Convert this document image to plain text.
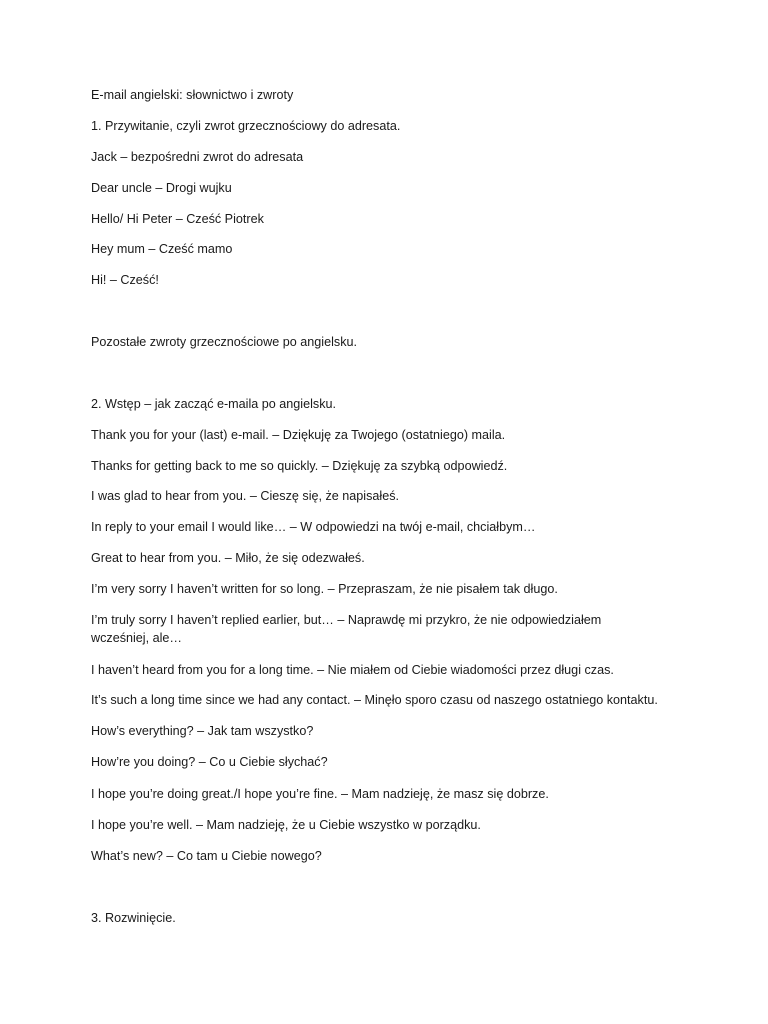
E-mail angielski: słownictwo i zwroty
1. Przywitanie, czyli zwrot grzecznościowy do adresata.
Jack – bezpośredni zwrot do adresata
Dear uncle – Drogi wujku
Hello/ Hi Peter – Cześć Piotrek
Hey mum – Cześć mamo
Hi! – Cześć!
Pozostałe zwroty grzecznościowe po angielsku.
2. Wstęp – jak zacząć e-maila po angielsku.
Thank you for your (last) e-mail. – Dziękuję za Twojego (ostatniego) maila.
Thanks for getting back to me so quickly. – Dziękuję za szybką odpowiedź.
I was glad to hear from you. – Cieszę się, że napisałeś.
In reply to your email I would like… – W odpowiedzi na twój e-mail, chciałbym…
Great to hear from you. – Miło, że się odezwałeś.
I’m very sorry I haven’t written for so long. – Przepraszam, że nie pisałem tak długo.
I’m truly sorry I haven’t replied earlier, but… – Naprawdę mi przykro, że nie odpowiedziałem wcześniej, ale…
I haven’t heard from you for a long time. – Nie miałem od Ciebie wiadomości przez długi czas.
It’s such a long time since we had any contact. – Minęło sporo czasu od naszego ostatniego kontaktu.
How’s everything? – Jak tam wszystko?
How’re you doing? – Co u Ciebie słychać?
I hope you’re doing great./I hope you’re fine. – Mam nadzieję, że masz się dobrze.
I hope you’re well. – Mam nadzieję, że u Ciebie wszystko w porządku.
What’s new? – Co tam u Ciebie nowego?
3. Rozwinięcie.
